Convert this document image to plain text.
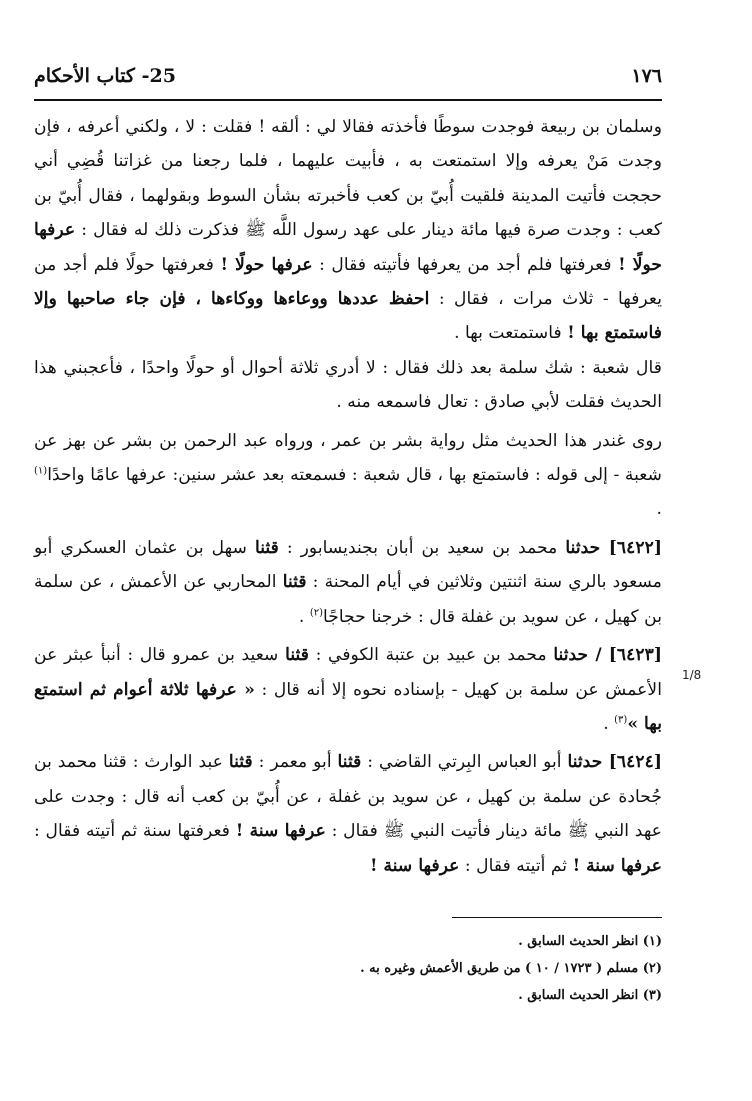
١٧٦
25- كتاب الأحكام

وسلمان بن ربيعة فوجدت سوطًا فأخذته فقالا لي : ألقه ! فقلت : لا ، ولكني أعرفه ، فإن وجدت مَنْ يعرفه وإلا استمتعت به ، فأبيت عليهما ، فلما رجعنا من غزاتنا قُضِي أني حججت فأتيت المدينة فلقيت أُبيّ بن كعب فأخبرته بشأن السوط وبقولهما ، فقال أُبيّ بن كعب : وجدت صرة فيها مائة دينار على عهد رسول اللَّه ﷺ فذكرت ذلك له فقال : عرفها حولًا ! فعرفتها فلم أجد من يعرفها فأتيته فقال : عرفها حولًا ! فعرفتها حولًا فلم أجد من يعرفها - ثلاث مرات ، فقال : احفظ عددها ووعاءها ووكاءها ، فإن جاء صاحبها وإلا فاستمتع بها ! فاستمتعت بها .

قال شعبة : شك سلمة بعد ذلك فقال : لا أدري ثلاثة أحوال أو حولًا واحدًا ، فأعجبني هذا الحديث فقلت لأبي صادق : تعال فاسمعه منه .

روى غندر هذا الحديث مثل رواية بشر بن عمر ، ورواه عبد الرحمن بن بشر عن بهز عن شعبة - إلى قوله : فاستمتع بها ، قال شعبة : فسمعته بعد عشر سنين: عرفها عامًا واحدًا$^{(١)}$ .

[٦٤٢٢] حدثنا محمد بن سعيد بن أبان بجنديسابور : قثنا سهل بن عثمان العسكري أبو مسعود بالري سنة اثنتين وثلاثين في أيام المحنة : قثنا المحاربي عن الأعمش ، عن سلمة بن كهيل ، عن سويد بن غفلة قال : خرجنا حجاجًا$^{(٢)}$ .

[٦٤٢٣] / حدثنا محمد بن عبيد بن عتبة الكوفي : قثنا سعيد بن عمرو قال : أنبأ عبثر عن الأعمش عن سلمة بن كهيل - بإسناده نحوه إلا أنه قال : « عرفها ثلاثة أعوام ثم استمتع بها »$^{(٣)}$ .

[٦٤٢٤] حدثنا أبو العباس البِرتي القاضي : قثنا أبو معمر : قثنا عبد الوارث : قثنا محمد بن جُحادة عن سلمة بن كهيل ، عن سويد بن غفلة ، عن أُبيّ بن كعب أنه قال : وجدت على عهد النبي ﷺ مائة دينار فأتيت النبي ﷺ فقال : عرفها سنة ! فعرفتها سنة ثم أتيته فقال : عرفها سنة ! ثم أتيته فقال : عرفها سنة !

1/8
(١) انظر الحديث السابق .
(٢) مسلم ( ١٧٢٣ / ١٠ ) من طريق الأعمش وغيره به .
(٣) انظر الحديث السابق .
